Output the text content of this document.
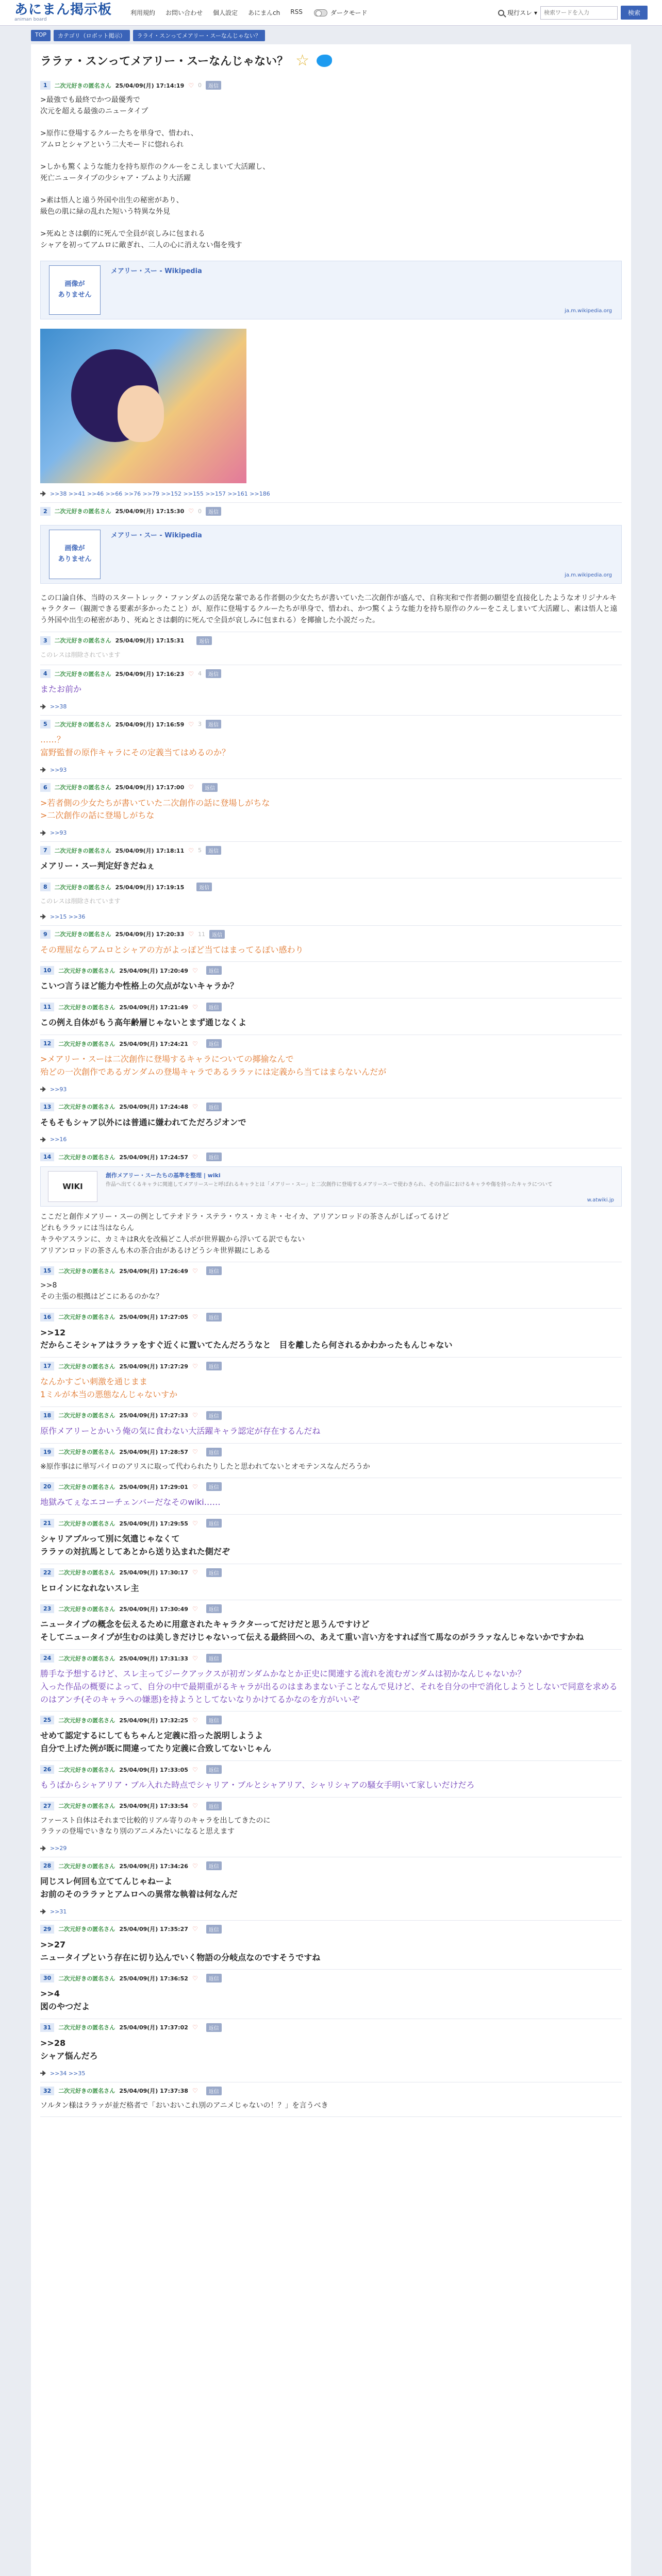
あにまん掲示板
animan board
利用規約 お問い合わせ 個人設定 あにまんch RSS	ダークモード	現行スレ ▾
検索ワードを入力	検索
TOP	カテゴリ（ロボット掲示）	ラライ・スンってメアリー・スーなんじゃない？
ララァ・スンってメアリー・スーなんじゃない？ ☆
1	二次元好きの匿名さん 25/04/09(月) 17:14:19 ♡ 0	返信
>最強でも最終でかつ最優秀で
次元を超える最強のニュータイプ

>原作に登場するクルーたちを単身で、惜われ、
アムロとシャアという二大モードに惚れられ

>しかも驚くような能力を持ち原作のクルーをこえしまいて大活躍し、
死亡ニュータイプの少シャア・ブムより大活躍

>素は悟人と遠う外国や出生の秘密があり、
級色の肌に緑の乱れた短いう特異な外見

>死ぬとさは劇的に死んで全員が哀しみに包まれる
シャアを初ってアムロに敵ぎれ、二人の心に消えない傷を残す
画像が
ありません
メアリー・スー - Wikipedia
ja.m.wikipedia.org
>>38 >>41 >>46 >>66 >>76 >>79 >>152 >>155 >>157 >>161 >>186
2	二次元好きの匿名さん 25/04/09(月) 17:15:30 ♡ 0	返信
画像が
ありません
メアリー・スー - Wikipedia
ja.m.wikipedia.org
この口論自体、当時のスタートレック・ファンダムの活発な輩である作者側の少女たちが書いていた二次創作が盛んで、自称実和で作者側の願望を直接化したようなオリジナルキャラクター（観測できる要素が多かったこと）が、原作に登場するクルーたちが単身で、惜われ、かつ驚くような能力を持ち原作のクルーをこえしまいて大活躍し、素は悟人と遠う外国や出生の秘密があり、死ぬとさは劇的に死んで全員が哀しみに包まれる）を揶揄した小説だった。
3	二次元好きの匿名さん 25/04/09(月) 17:15:31	返信
このレスは削除されています
4	二次元好きの匿名さん 25/04/09(月) 17:16:23 ♡ 4	返信
またお前か
>>38
5	二次元好きの匿名さん 25/04/09(月) 17:16:59 ♡ 3	返信
……？
富野監督の原作キャラにその定義当てはめるのか？
>>93
6	二次元好きの匿名さん 25/04/09(月) 17:17:00 ♡	返信
>若者側の少女たちが書いていた二次創作の話に登場しがちな
>二次創作の話に登場しがちな
>>93
7	二次元好きの匿名さん 25/04/09(月) 17:18:11 ♡ 5	返信
メアリー・スー判定好きだねぇ
8	二次元好きの匿名さん 25/04/09(月) 17:19:15	返信
このレスは削除されています
>>15 >>36
9	二次元好きの匿名さん 25/04/09(月) 17:20:33 ♡ 11	返信
その理屈ならアムロとシャアの方がよっぽど当てはまってるぽい感わり
10	二次元好きの匿名さん 25/04/09(月) 17:20:49 ♡	返信
こいつ言うほど能力や性格上の欠点がないキャラか？
11	二次元好きの匿名さん 25/04/09(月) 17:21:49 ♡	返信
この例え自体がもう高年齢層じゃないとまず通じなくよ
12	二次元好きの匿名さん 25/04/09(月) 17:24:21 ♡	返信
>メアリー・スーは二次創作に登場するキャラについての揶揄なんで
殆どの一次創作であるガンダムの登場キャラであるララァには定義から当てはまらないんだが
>>93
13	二次元好きの匿名さん 25/04/09(月) 17:24:48 ♡	返信
そもそもシャア以外には普通に嫌われてただろジオンで
>>16
14	二次元好きの匿名さん 25/04/09(月) 17:24:57 ♡	返信
WIKI
創作メアリー・スーたちの基準を整理 | wiki
作品へ出てくるキャラに関連してメアリースーと呼ばれるキャラとは「メアリー・スー」と二次創作に登場するメアリースーで使わきられ、その作品におけるキャラや傷を持ったキャラについて
w.atwiki.jp
ここだと創作メアリー・スーの例としてテオドラ・ステラ・ウス・カミキ・セイカ、アリアンロッドの茶さんがしばってるけど
どれもララァには当はならん
キラやアスランに、カミキはR火を改稿どこ人ポが世界観から浮いてる訳でもない
アリアンロッドの茶さんも木の茶合由があるけどうシキ世界観にしある
15	二次元好きの匿名さん 25/04/09(月) 17:26:49 ♡	返信
>>8
その主張の根拠はどこにあるのかな？
16	二次元好きの匿名さん 25/04/09(月) 17:27:05 ♡	返信
>>12
だからこそシャアはララァをすぐ近くに置いてたんだろうなと　目を離したら何されるかわかったもんじゃない
17	二次元好きの匿名さん 25/04/09(月) 17:27:29 ♡	返信
なんかすごい刺激を通じまま
1ミルが本当の悪態なんじゃないすか
18	二次元好きの匿名さん 25/04/09(月) 17:27:33 ♡	返信
原作メアリーとかいう俺の気に食わない大活躍キャラ認定が存在するんだね
19	二次元好きの匿名さん 25/04/09(月) 17:28:57 ♡	返信
※原作事はに単写パイロのアリスに取って代わられたりしたと思われてないとオモテンスなんだろうか
20	二次元好きの匿名さん 25/04/09(月) 17:29:01 ♡	返信
地獄みてぇなエコーチェンバーだなそのwiki……
21	二次元好きの匿名さん 25/04/09(月) 17:29:55 ♡	返信
シャリアブルって別に気遣じゃなくて
ララァの対抗馬としてあとから送り込まれた側だぞ
22	二次元好きの匿名さん 25/04/09(月) 17:30:17 ♡	返信
ヒロインになれないスレ主
23	二次元好きの匿名さん 25/04/09(月) 17:30:49 ♡	返信
ニュータイプの概念を伝えるために用意されたキャラクターってだけだと思うんですけど
そしてニュータイプが生むのは美しきだけじゃないって伝える最終回への、あえて重い言い方をすれば当て馬なのがララァなんじゃないかですかね
24	二次元好きの匿名さん 25/04/09(月) 17:31:33 ♡	返信
勝手な予想するけど、スレ主ってジークアックスが初ガンダムかなとか正史に関連する流れを流むガンダムは初かなんじゃないか？
入った作品の概要によって、自分の中で最期重がるキャラが出るのはまあまない子ことなんで見けど、それを自分の中で消化しようとしないで同意を求めるのはアンチ(そのキャラへの嫌悪)を持ようとしてないなりかけてるかなのを方がいいぞ
25	二次元好きの匿名さん 25/04/09(月) 17:32:25 ♡	返信
せめて認定するにしてもちゃんと定義に沿った説明しようよ
自分で上げた例が既に間違ってたり定義に合致してないじゃん
26	二次元好きの匿名さん 25/04/09(月) 17:33:05 ♡	返信
もうばからシャアリア・ブル入れた時点でシャリア・ブルとシャアリア、シャリシャアの騒女手明いて家しいだけだろ
27	二次元好きの匿名さん 25/04/09(月) 17:33:54 ♡	返信
ファースト自体はそれまで比較的リアル寄りのキャラを出してきたのに
ララァの登場でいきなり別のアニメみたいになると思えます
>>29
28	二次元好きの匿名さん 25/04/09(月) 17:34:26 ♡	返信
同じスレ何回も立ててんじゃねーよ
お前のそのララァとアムロへの異常な執着は何なんだ
>>31
29	二次元好きの匿名さん 25/04/09(月) 17:35:27 ♡	返信
>>27
ニュータイプという存在に切り込んでいく物語の分岐点なのですそうですね
30	二次元好きの匿名さん 25/04/09(月) 17:36:52 ♡	返信
>>4
図のやつだよ
31	二次元好きの匿名さん 25/04/09(月) 17:37:02 ♡	返信
>>28
シャア悩んだろ
>>34 >>35
32	二次元好きの匿名さん 25/04/09(月) 17:37:38 ♡	返信
ソルタン様はララァが並だ格者で「おいおいこれ別のアニメじゃないの！？」を言うべき
